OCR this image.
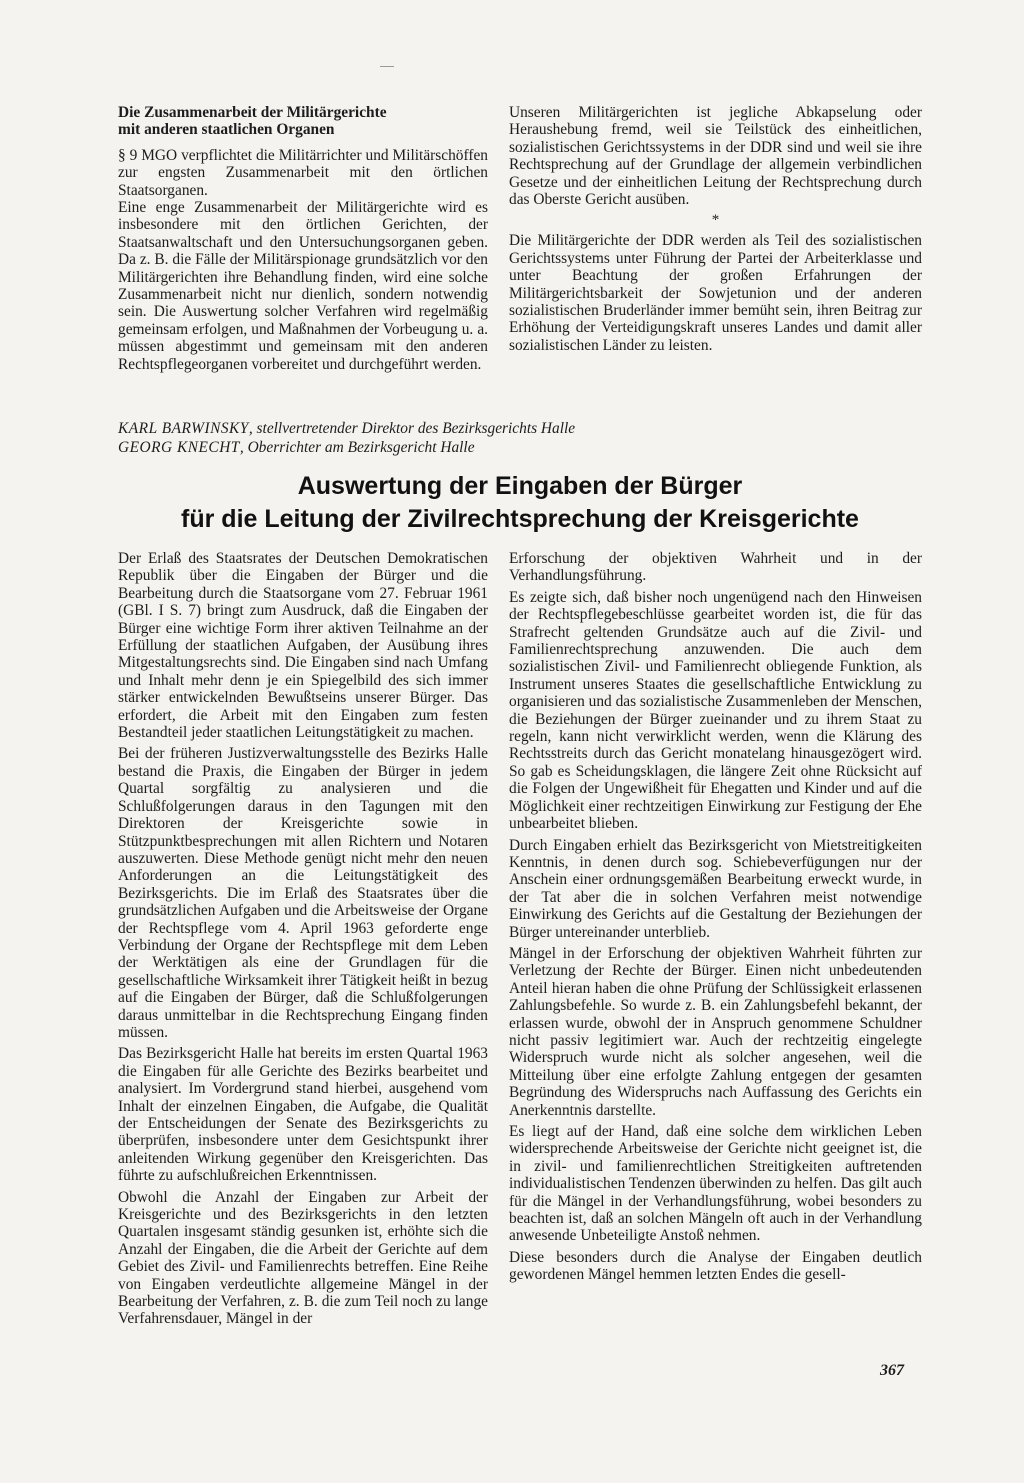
Die Zusammenarbeit der Militärgerichte
mit anderen staatlichen Organen

§ 9 MGO verpflichtet die Militärrichter und Militärschöffen zur engsten Zusammenarbeit mit den örtlichen Staatsorganen.

Eine enge Zusammenarbeit der Militärgerichte wird es insbesondere mit den örtlichen Gerichten, der Staatsanwaltschaft und den Untersuchungsorganen geben. Da z. B. die Fälle der Militärspionage grundsätzlich vor den Militärgerichten ihre Behandlung finden, wird eine solche Zusammenarbeit nicht nur dienlich, sondern notwendig sein. Die Auswertung solcher Verfahren wird regelmäßig gemeinsam erfolgen, und Maßnahmen der Vorbeugung u. a. müssen abgestimmt und gemeinsam mit den anderen Rechtspflegeorganen vorbereitet und durchgeführt werden.

Unseren Militärgerichten ist jegliche Abkapselung oder Heraushebung fremd, weil sie Teilstück des einheitlichen, sozialistischen Gerichtssystems in der DDR sind und weil sie ihre Rechtsprechung auf der Grundlage der allgemein verbindlichen Gesetze und der einheitlichen Leitung der Rechtsprechung durch das Oberste Gericht ausüben.

*

Die Militärgerichte der DDR werden als Teil des sozialistischen Gerichtssystems unter Führung der Partei der Arbeiterklasse und unter Beachtung der großen Erfahrungen der Militärgerichtsbarkeit der Sowjetunion und der anderen sozialistischen Bruderländer immer bemüht sein, ihren Beitrag zur Erhöhung der Verteidigungskraft unseres Landes und damit aller sozialistischen Länder zu leisten.

KARL BARWINSKY, stellvertretender Direktor des Bezirksgerichts Halle
GEORG KNECHT, Oberrichter am Bezirksgericht Halle
Auswertung der Eingaben der Bürger
für die Leitung der Zivilrechtsprechung der Kreisgerichte

Der Erlaß des Staatsrates der Deutschen Demokratischen Republik über die Eingaben der Bürger und die Bearbeitung durch die Staatsorgane vom 27. Februar 1961 (GBl. I S. 7) bringt zum Ausdruck, daß die Eingaben der Bürger eine wichtige Form ihrer aktiven Teilnahme an der Erfüllung der staatlichen Aufgaben, der Ausübung ihres Mitgestaltungsrechts sind. Die Eingaben sind nach Umfang und Inhalt mehr denn je ein Spiegelbild des sich immer stärker entwickelnden Bewußtseins unserer Bürger. Das erfordert, die Arbeit mit den Eingaben zum festen Bestandteil jeder staatlichen Leitungstätigkeit zu machen.

Bei der früheren Justizverwaltungsstelle des Bezirks Halle bestand die Praxis, die Eingaben der Bürger in jedem Quartal sorgfältig zu analysieren und die Schlußfolgerungen daraus in den Tagungen mit den Direktoren der Kreisgerichte sowie in Stützpunktbesprechungen mit allen Richtern und Notaren auszuwerten. Diese Methode genügt nicht mehr den neuen Anforderungen an die Leitungstätigkeit des Bezirksgerichts. Die im Erlaß des Staatsrates über die grundsätzlichen Aufgaben und die Arbeitsweise der Organe der Rechtspflege vom 4. April 1963 geforderte enge Verbindung der Organe der Rechtspflege mit dem Leben der Werktätigen als eine der Grundlagen für die gesellschaftliche Wirksamkeit ihrer Tätigkeit heißt in bezug auf die Eingaben der Bürger, daß die Schlußfolgerungen daraus unmittelbar in die Rechtsprechung Eingang finden müssen.

Das Bezirksgericht Halle hat bereits im ersten Quartal 1963 die Eingaben für alle Gerichte des Bezirks bearbeitet und analysiert. Im Vordergrund stand hierbei, ausgehend vom Inhalt der einzelnen Eingaben, die Aufgabe, die Qualität der Entscheidungen der Senate des Bezirksgerichts zu überprüfen, insbesondere unter dem Gesichtspunkt ihrer anleitenden Wirkung gegenüber den Kreisgerichten. Das führte zu aufschlußreichen Erkenntnissen.

Obwohl die Anzahl der Eingaben zur Arbeit der Kreisgerichte und des Bezirksgerichts in den letzten Quartalen insgesamt ständig gesunken ist, erhöhte sich die Anzahl der Eingaben, die die Arbeit der Gerichte auf dem Gebiet des Zivil- und Familienrechts betreffen. Eine Reihe von Eingaben verdeutlichte allgemeine Mängel in der Bearbeitung der Verfahren, z. B. die zum Teil noch zu lange Verfahrensdauer, Mängel in der

Erforschung der objektiven Wahrheit und in der Verhandlungsführung.

Es zeigte sich, daß bisher noch ungenügend nach den Hinweisen der Rechtspflegebeschlüsse gearbeitet worden ist, die für das Strafrecht geltenden Grundsätze auch auf die Zivil- und Familienrechtsprechung anzuwenden. Die auch dem sozialistischen Zivil- und Familienrecht obliegende Funktion, als Instrument unseres Staates die gesellschaftliche Entwicklung zu organisieren und das sozialistische Zusammenleben der Menschen, die Beziehungen der Bürger zueinander und zu ihrem Staat zu regeln, kann nicht verwirklicht werden, wenn die Klärung des Rechtsstreits durch das Gericht monatelang hinausgezögert wird. So gab es Scheidungsklagen, die längere Zeit ohne Rücksicht auf die Folgen der Ungewißheit für Ehegatten und Kinder und auf die Möglichkeit einer rechtzeitigen Einwirkung zur Festigung der Ehe unbearbeitet blieben.

Durch Eingaben erhielt das Bezirksgericht von Mietstreitigkeiten Kenntnis, in denen durch sog. Schiebeverfügungen nur der Anschein einer ordnungsgemäßen Bearbeitung erweckt wurde, in der Tat aber die in solchen Verfahren meist notwendige Einwirkung des Gerichts auf die Gestaltung der Beziehungen der Bürger untereinander unterblieb.

Mängel in der Erforschung der objektiven Wahrheit führten zur Verletzung der Rechte der Bürger. Einen nicht unbedeutenden Anteil hieran haben die ohne Prüfung der Schlüssigkeit erlassenen Zahlungsbefehle. So wurde z. B. ein Zahlungsbefehl bekannt, der erlassen wurde, obwohl der in Anspruch genommene Schuldner nicht passiv legitimiert war. Auch der rechtzeitig eingelegte Widerspruch wurde nicht als solcher angesehen, weil die Mitteilung über eine erfolgte Zahlung entgegen der gesamten Begründung des Widerspruchs nach Auffassung des Gerichts ein Anerkenntnis darstellte.

Es liegt auf der Hand, daß eine solche dem wirklichen Leben widersprechende Arbeitsweise der Gerichte nicht geeignet ist, die in zivil- und familienrechtlichen Streitigkeiten auftretenden individualistischen Tendenzen überwinden zu helfen. Das gilt auch für die Mängel in der Verhandlungsführung, wobei besonders zu beachten ist, daß an solchen Mängeln oft auch in der Verhandlung anwesende Unbeteiligte Anstoß nehmen.

Diese besonders durch die Analyse der Eingaben deutlich gewordenen Mängel hemmen letzten Endes die gesell-

367
